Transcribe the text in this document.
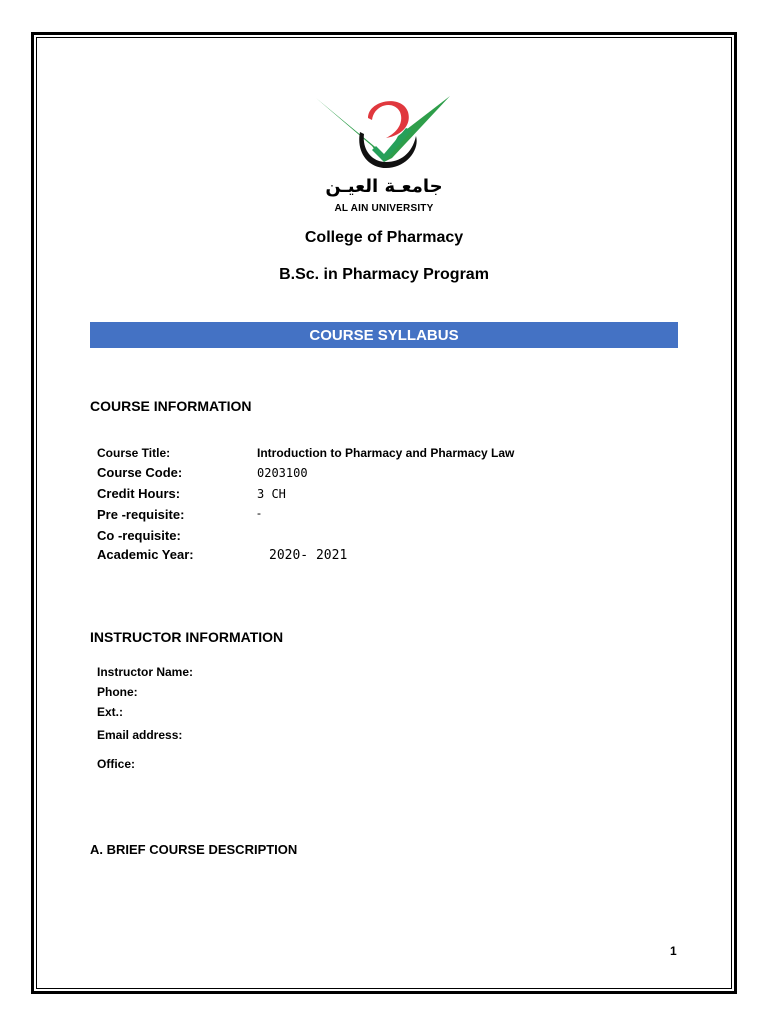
جامعـة العيـن
AL AIN UNIVERSITY
College of Pharmacy
B.Sc. in Pharmacy Program
COURSE SYLLABUS
COURSE INFORMATION
Course Title:	Introduction to Pharmacy and Pharmacy Law
Course Code:	0203100
Credit Hours:	3 CH
Pre -requisite:	-
Co -requisite:
Academic Year:	2020- 2021
INSTRUCTOR INFORMATION
Instructor Name:
Phone:
Ext.:
Email address:
Office:
A. BRIEF COURSE DESCRIPTION
1
